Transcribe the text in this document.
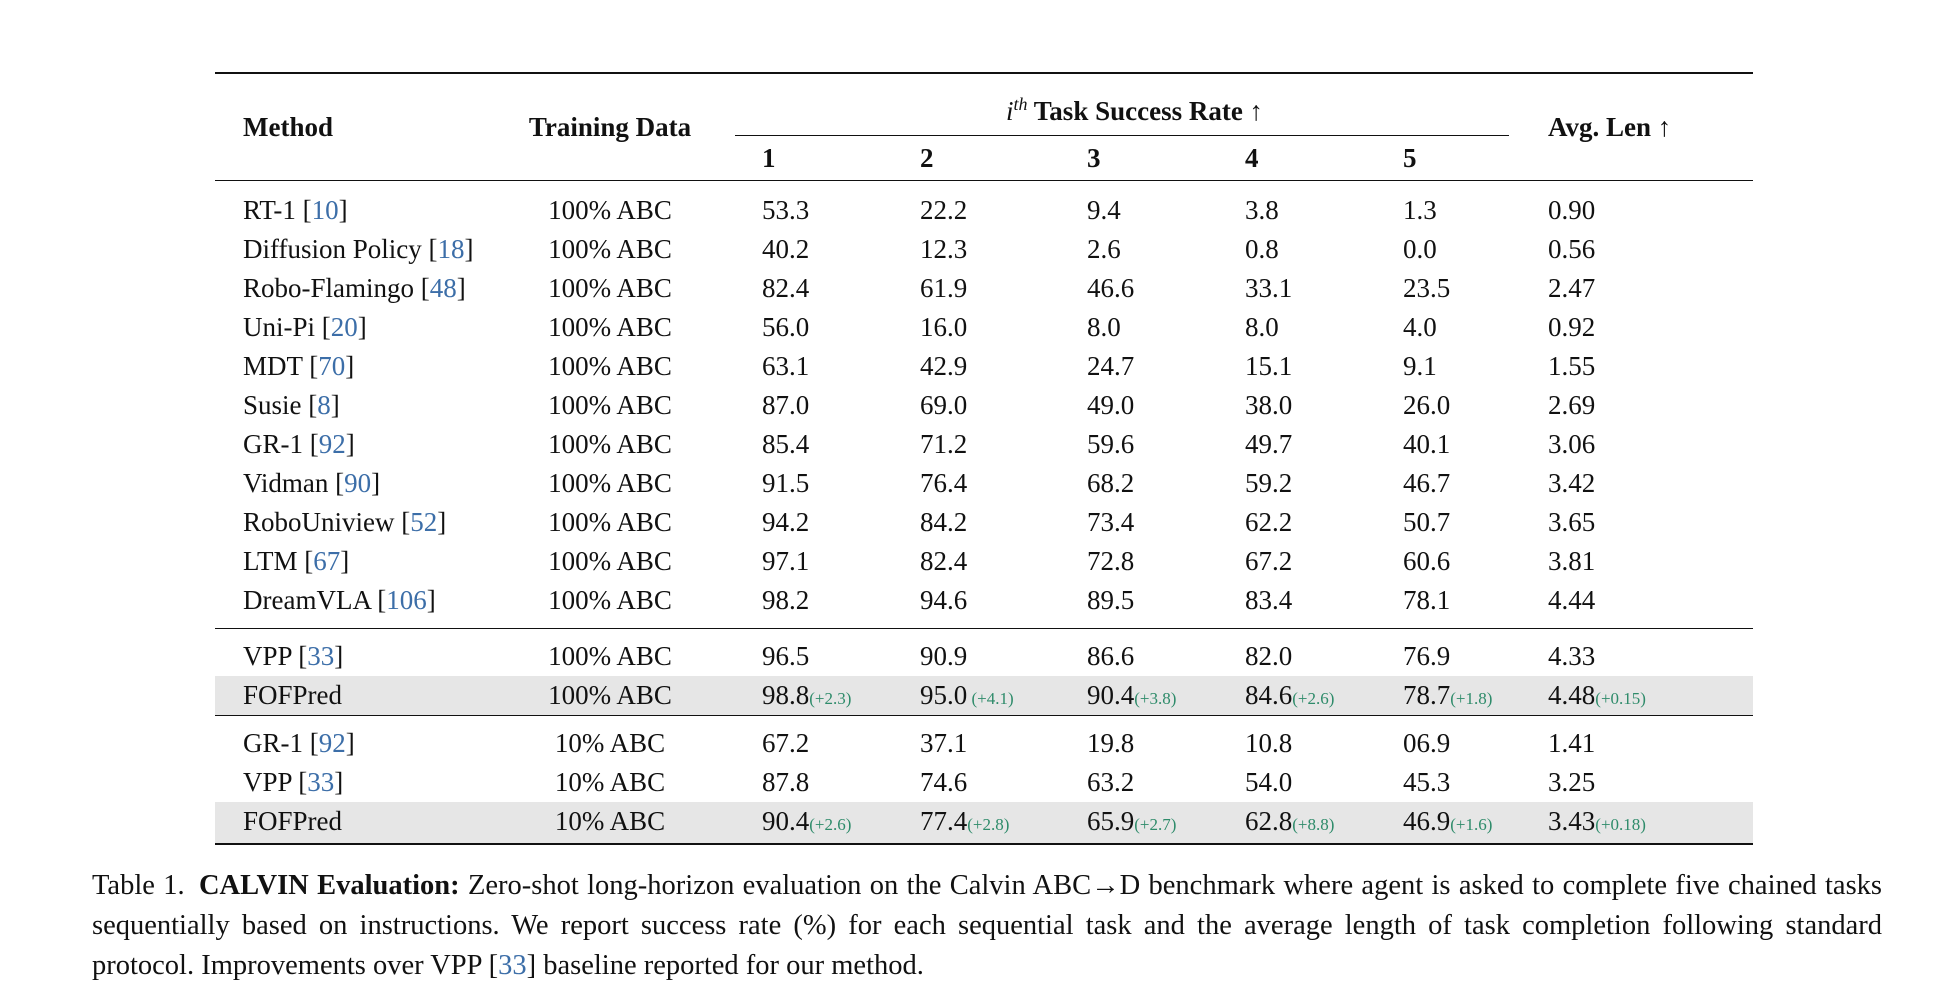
Method	Training Data	$i^{th}$ Task Success Rate ↑					Avg. Len ↑
		1	2	3	4	5	
RT-1 [10]	100% ABC	53.3	22.2	9.4	3.8	1.3	0.90
Diffusion Policy [18]	100% ABC	40.2	12.3	2.6	0.8	0.0	0.56
Robo-Flamingo [48]	100% ABC	82.4	61.9	46.6	33.1	23.5	2.47
Uni-Pi [20]	100% ABC	56.0	16.0	8.0	8.0	4.0	0.92
MDT [70]	100% ABC	63.1	42.9	24.7	15.1	9.1	1.55
Susie [8]	100% ABC	87.0	69.0	49.0	38.0	26.0	2.69
GR-1 [92]	100% ABC	85.4	71.2	59.6	49.7	40.1	3.06
Vidman [90]	100% ABC	91.5	76.4	68.2	59.2	46.7	3.42
RoboUniview [52]	100% ABC	94.2	84.2	73.4	62.2	50.7	3.65
LTM [67]	100% ABC	97.1	82.4	72.8	67.2	60.6	3.81
DreamVLA [106]	100% ABC	98.2	94.6	89.5	83.4	78.1	4.44
VPP [33]	100% ABC	96.5	90.9	86.6	82.0	76.9	4.33
FOFPred	100% ABC	98.8(+2.3)	95.0 (+4.1)	90.4(+3.8)	84.6(+2.6)	78.7(+1.8)	4.48(+0.15)
GR-1 [92]	10% ABC	67.2	37.1	19.8	10.8	06.9	1.41
VPP [33]	10% ABC	87.8	74.6	63.2	54.0	45.3	3.25
FOFPred	10% ABC	90.4(+2.6)	77.4(+2.8)	65.9(+2.7)	62.8(+8.8)	46.9(+1.6)	3.43(+0.18)
Table 1. CALVIN Evaluation: Zero-shot long-horizon evaluation on the Calvin ABC→D benchmark where agent is asked to complete five chained tasks sequentially based on instructions. We report success rate (%) for each sequential task and the average length of task completion following standard protocol. Improvements over VPP [33] baseline reported for our method.
